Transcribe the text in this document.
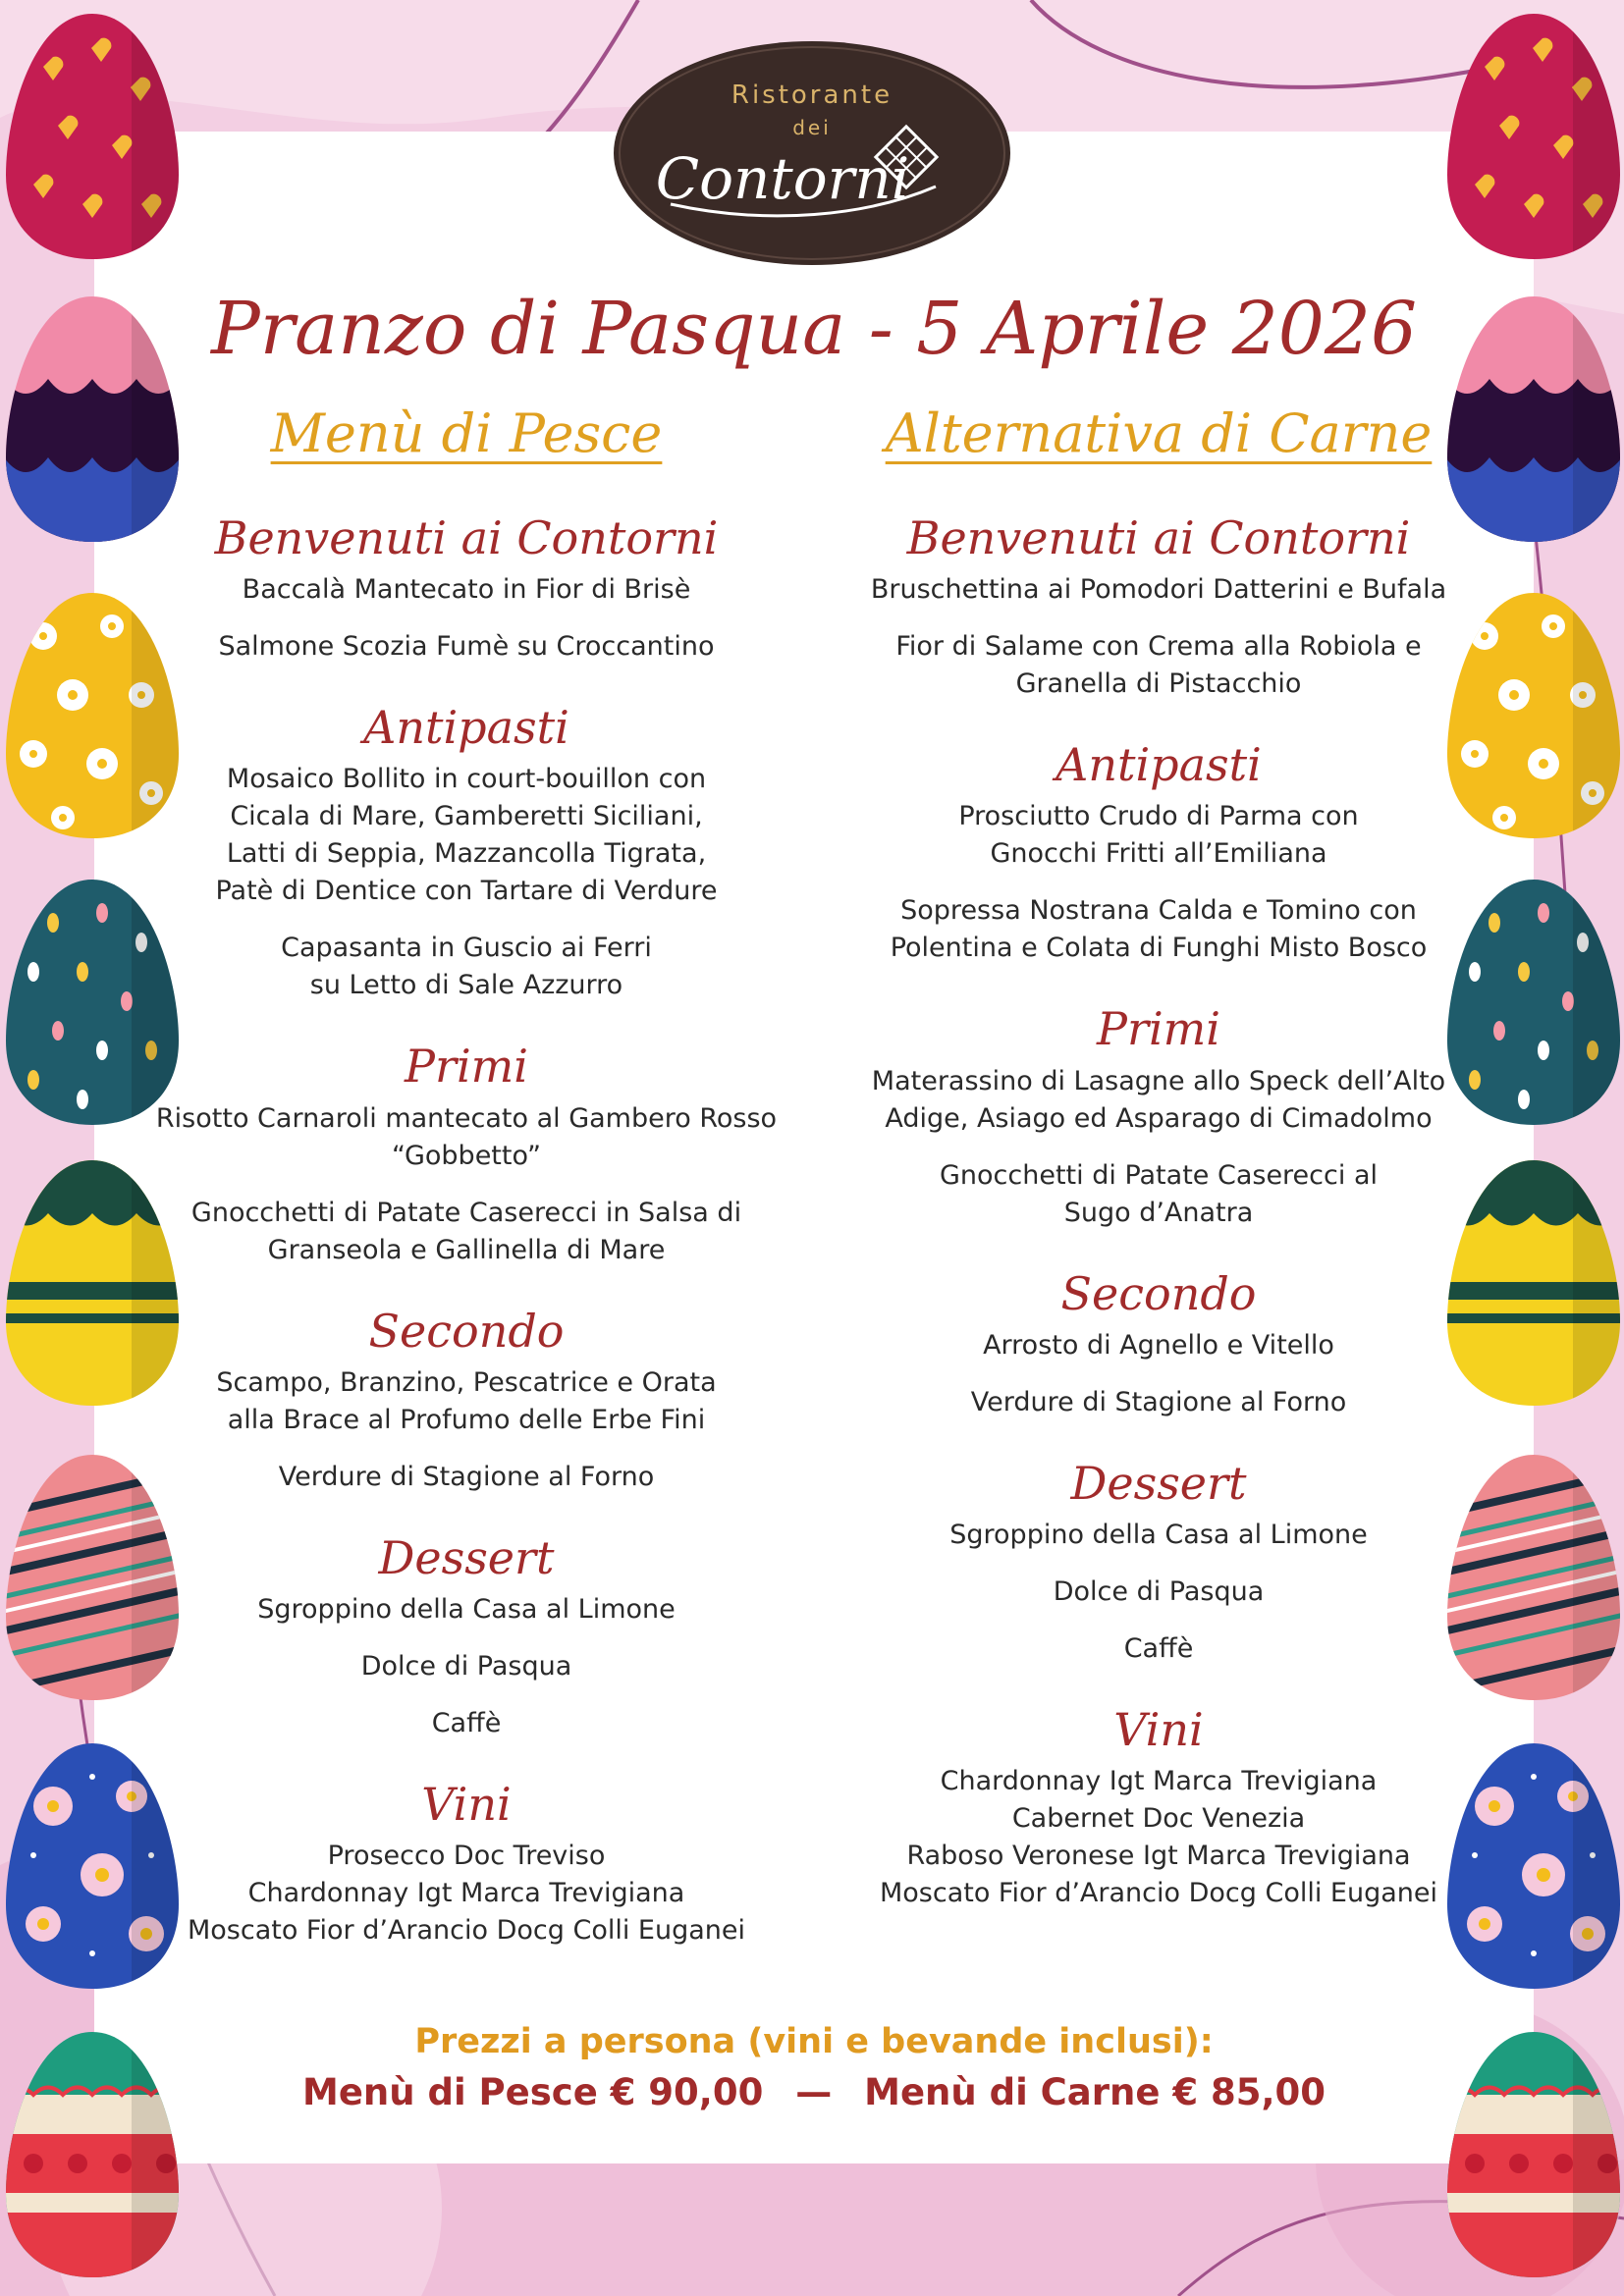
Ristorante
dei
Contorni
Pranzo di Pasqua - 5 Aprile 2026
Menù di Pesce
Benvenuti ai Contorni

Baccalà Mantecato in Fior di Brisè

Salmone Scozia Fumè su Croccantino

Antipasti

Mosaico Bollito in court-bouillon con
Cicala di Mare, Gamberetti Siciliani,
Latti di Seppia, Mazzancolla Tigrata,
Patè di Dentice con Tartare di Verdure

Capasanta in Guscio ai Ferri
su Letto di Sale Azzurro

Primi

Risotto Carnaroli mantecato al Gambero Rosso
“Gobbetto”

Gnocchetti di Patate Caserecci in Salsa di
Granseola e Gallinella di Mare

Secondo

Scampo, Branzino, Pescatrice e Orata
alla Brace al Profumo delle Erbe Fini

Verdure di Stagione al Forno

Dessert

Sgroppino della Casa al Limone

Dolce di Pasqua

Caffè

Vini

Prosecco Doc Treviso

Chardonnay Igt Marca Trevigiana

Moscato Fior d’Arancio Docg Colli Euganei

Alternativa di Carne
Benvenuti ai Contorni

Bruschettina ai Pomodori Datterini e Bufala

Fior di Salame con Crema alla Robiola e
Granella di Pistacchio

Antipasti

Prosciutto Crudo di Parma con
Gnocchi Fritti all’Emiliana

Sopressa Nostrana Calda e Tomino con
Polentina e Colata di Funghi Misto Bosco

Primi

Materassino di Lasagne allo Speck dell’Alto
Adige, Asiago ed Asparago di Cimadolmo

Gnocchetti di Patate Caserecci al
Sugo d’Anatra

Secondo

Arrosto di Agnello e Vitello

Verdure di Stagione al Forno

Dessert

Sgroppino della Casa al Limone

Dolce di Pasqua

Caffè

Vini

Chardonnay Igt Marca Trevigiana

Cabernet Doc Venezia

Raboso Veronese Igt Marca Trevigiana

Moscato Fior d’Arancio Docg Colli Euganei

Prezzi a persona (vini e bevande inclusi):

Menù di Pesce € 90,00 — Menù di Carne € 85,00
